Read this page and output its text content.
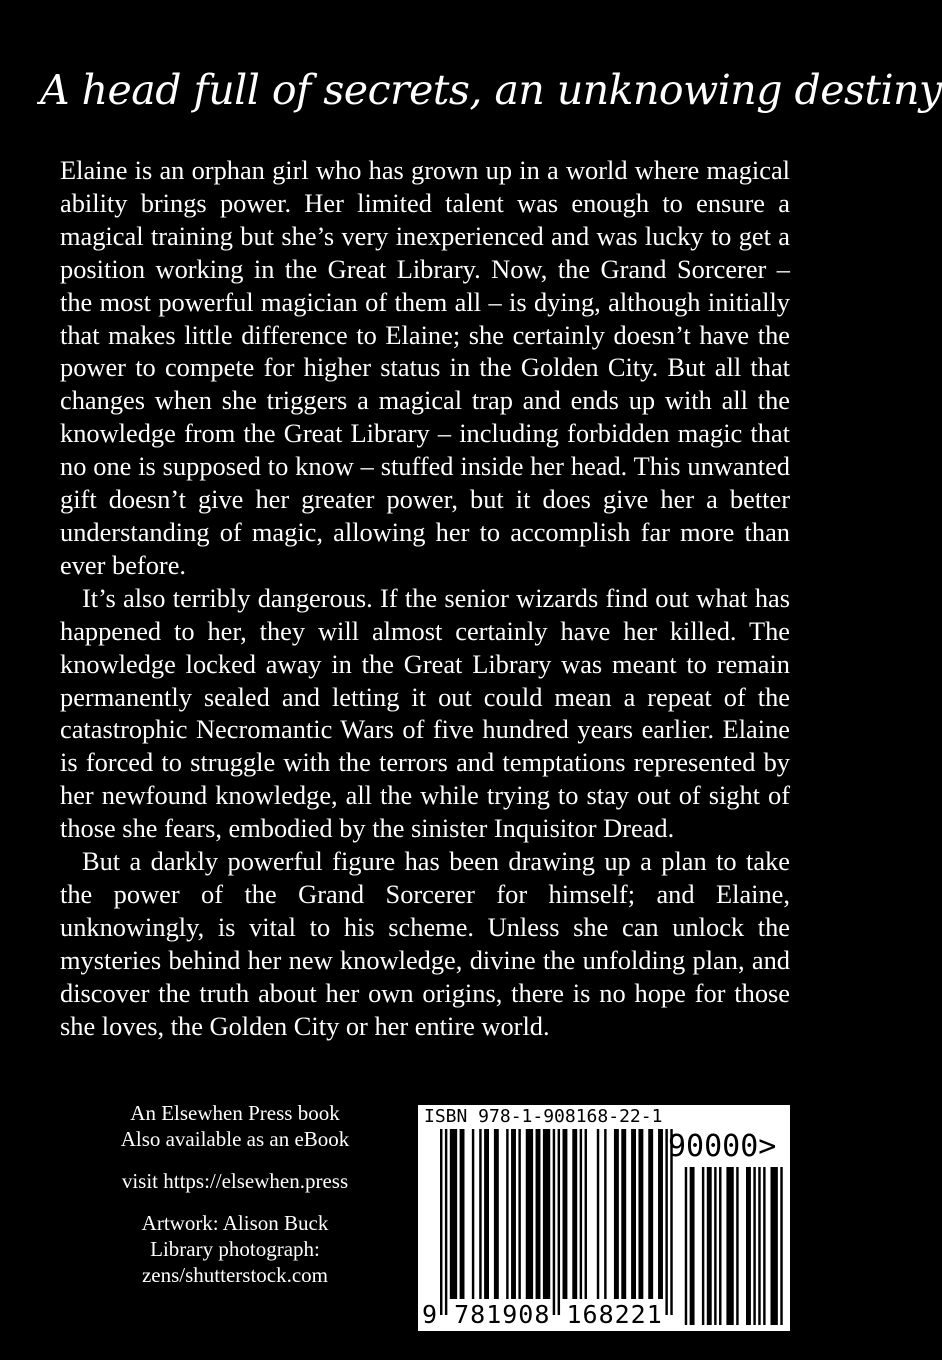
A head full of secrets, an unknowing destiny

Elaine is an orphan girl who has grown up in a world where magical ability brings power. Her limited talent was enough to ensure a magical training but she’s very inexperienced and was lucky to get a position working in the Great Library. Now, the Grand Sorcerer – the most powerful magician of them all – is dying, although initially that makes little difference to Elaine; she certainly doesn’t have the power to compete for higher status in the Golden City. But all that changes when she triggers a magical trap and ends up with all the knowledge from the Great Library – including forbidden magic that no one is supposed to know – stuffed inside her head. This unwanted gift doesn’t give her greater power, but it does give her a better understanding of magic, allowing her to accomplish far more than ever before.

It’s also terribly dangerous. If the senior wizards find out what has happened to her, they will almost certainly have her killed. The knowledge locked away in the Great Library was meant to remain permanently sealed and letting it out could mean a repeat of the catastrophic Necromantic Wars of five hundred years earlier. Elaine is forced to struggle with the terrors and temptations represented by her newfound knowledge, all the while trying to stay out of sight of those she fears, embodied by the sinister Inquisitor Dread.

But a darkly powerful figure has been drawing up a plan to take the power of the Grand Sorcerer for himself; and Elaine, unknowingly, is vital to his scheme. Unless she can unlock the mysteries behind her new knowledge, divine the unfolding plan, and discover the truth about her own origins, there is no hope for those she loves, the Golden City or her entire world.

An Elsewhen Press book
Also available as an eBook
visit https://elsewhen.press
Artwork: Alison Buck
Library photograph:
zens/shutterstock.com
ISBN 978-1-908168-22-1
90000>
9 781908 168221
